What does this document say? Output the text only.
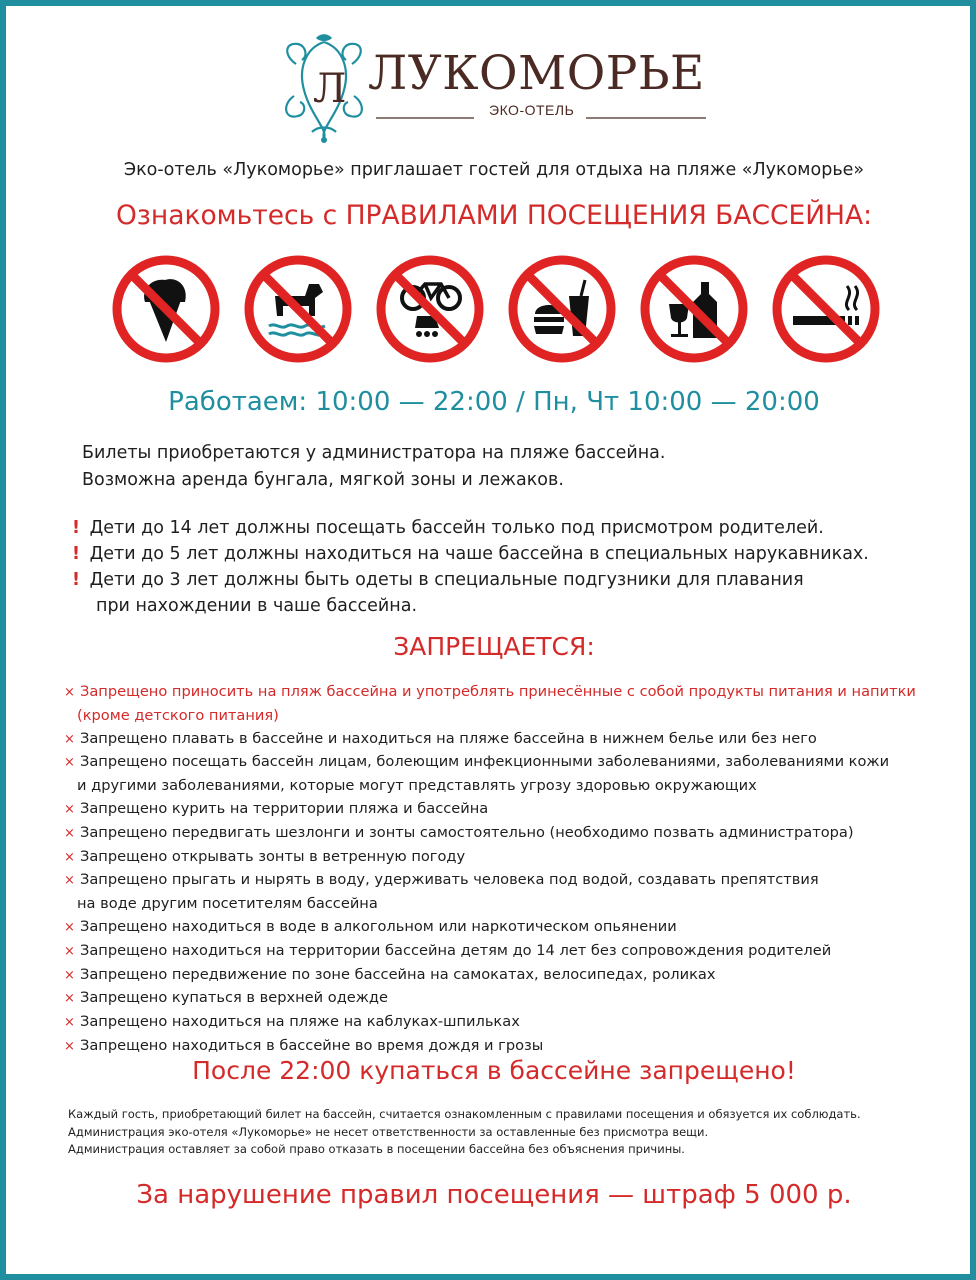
Л ЛУКОМОРЬЕ
ЭКО-ОТЕЛЬ
Эко-отель «Лукоморье» приглашает гостей для отдыха на пляже «Лукоморье»
Ознакомьтесь с ПРАВИЛАМИ ПОСЕЩЕНИЯ БАССЕЙНА:
Работаем: 10:00 — 22:00 / Пн, Чт 10:00 — 20:00

Билеты приобретаются у администратора на пляже бассейна.

Возможна аренда бунгала, мягкой зоны и лежаков.

! Дети до 14 лет должны посещать бассейн только под присмотром родителей.
! Дети до 5 лет должны находиться на чаше бассейна в специальных нарукавниках.
! Дети до 3 лет должны быть одеты в специальные подгузники для плавания
при нахождении в чаше бассейна.
ЗАПРЕЩАЕТСЯ:
× Запрещено приносить на пляж бассейна и употреблять принесённые с собой продукты питания и напитки
(кроме детского питания)
× Запрещено плавать в бассейне и находиться на пляже бассейна в нижнем белье или без него
× Запрещено посещать бассейн лицам, болеющим инфекционными заболеваниями, заболеваниями кожи
и другими заболеваниями, которые могут представлять угрозу здоровью окружающих
× Запрещено курить на территории пляжа и бассейна
× Запрещено передвигать шезлонги и зонты самостоятельно (необходимо позвать администратора)
× Запрещено открывать зонты в ветренную погоду
× Запрещено прыгать и нырять в воду, удерживать человека под водой, создавать препятствия
на воде другим посетителям бассейна
× Запрещено находиться в воде в алкогольном или наркотическом опьянении
× Запрещено находиться на территории бассейна детям до 14 лет без сопровождения родителей
× Запрещено передвижение по зоне бассейна на самокатах, велосипедах, роликах
× Запрещено купаться в верхней одежде
× Запрещено находиться на пляже на каблуках-шпильках
× Запрещено находиться в бассейне во время дождя и грозы
После 22:00 купаться в бассейне запрещено!

Каждый гость, приобретающий билет на бассейн, считается ознакомленным с правилами посещения и обязуется их соблюдать.

Администрация эко-отеля «Лукоморье» не несет ответственности за оставленные без присмотра вещи.

Администрация оставляет за собой право отказать в посещении бассейна без объяснения причины.

За нарушение правил посещения — штраф 5 000 р.
